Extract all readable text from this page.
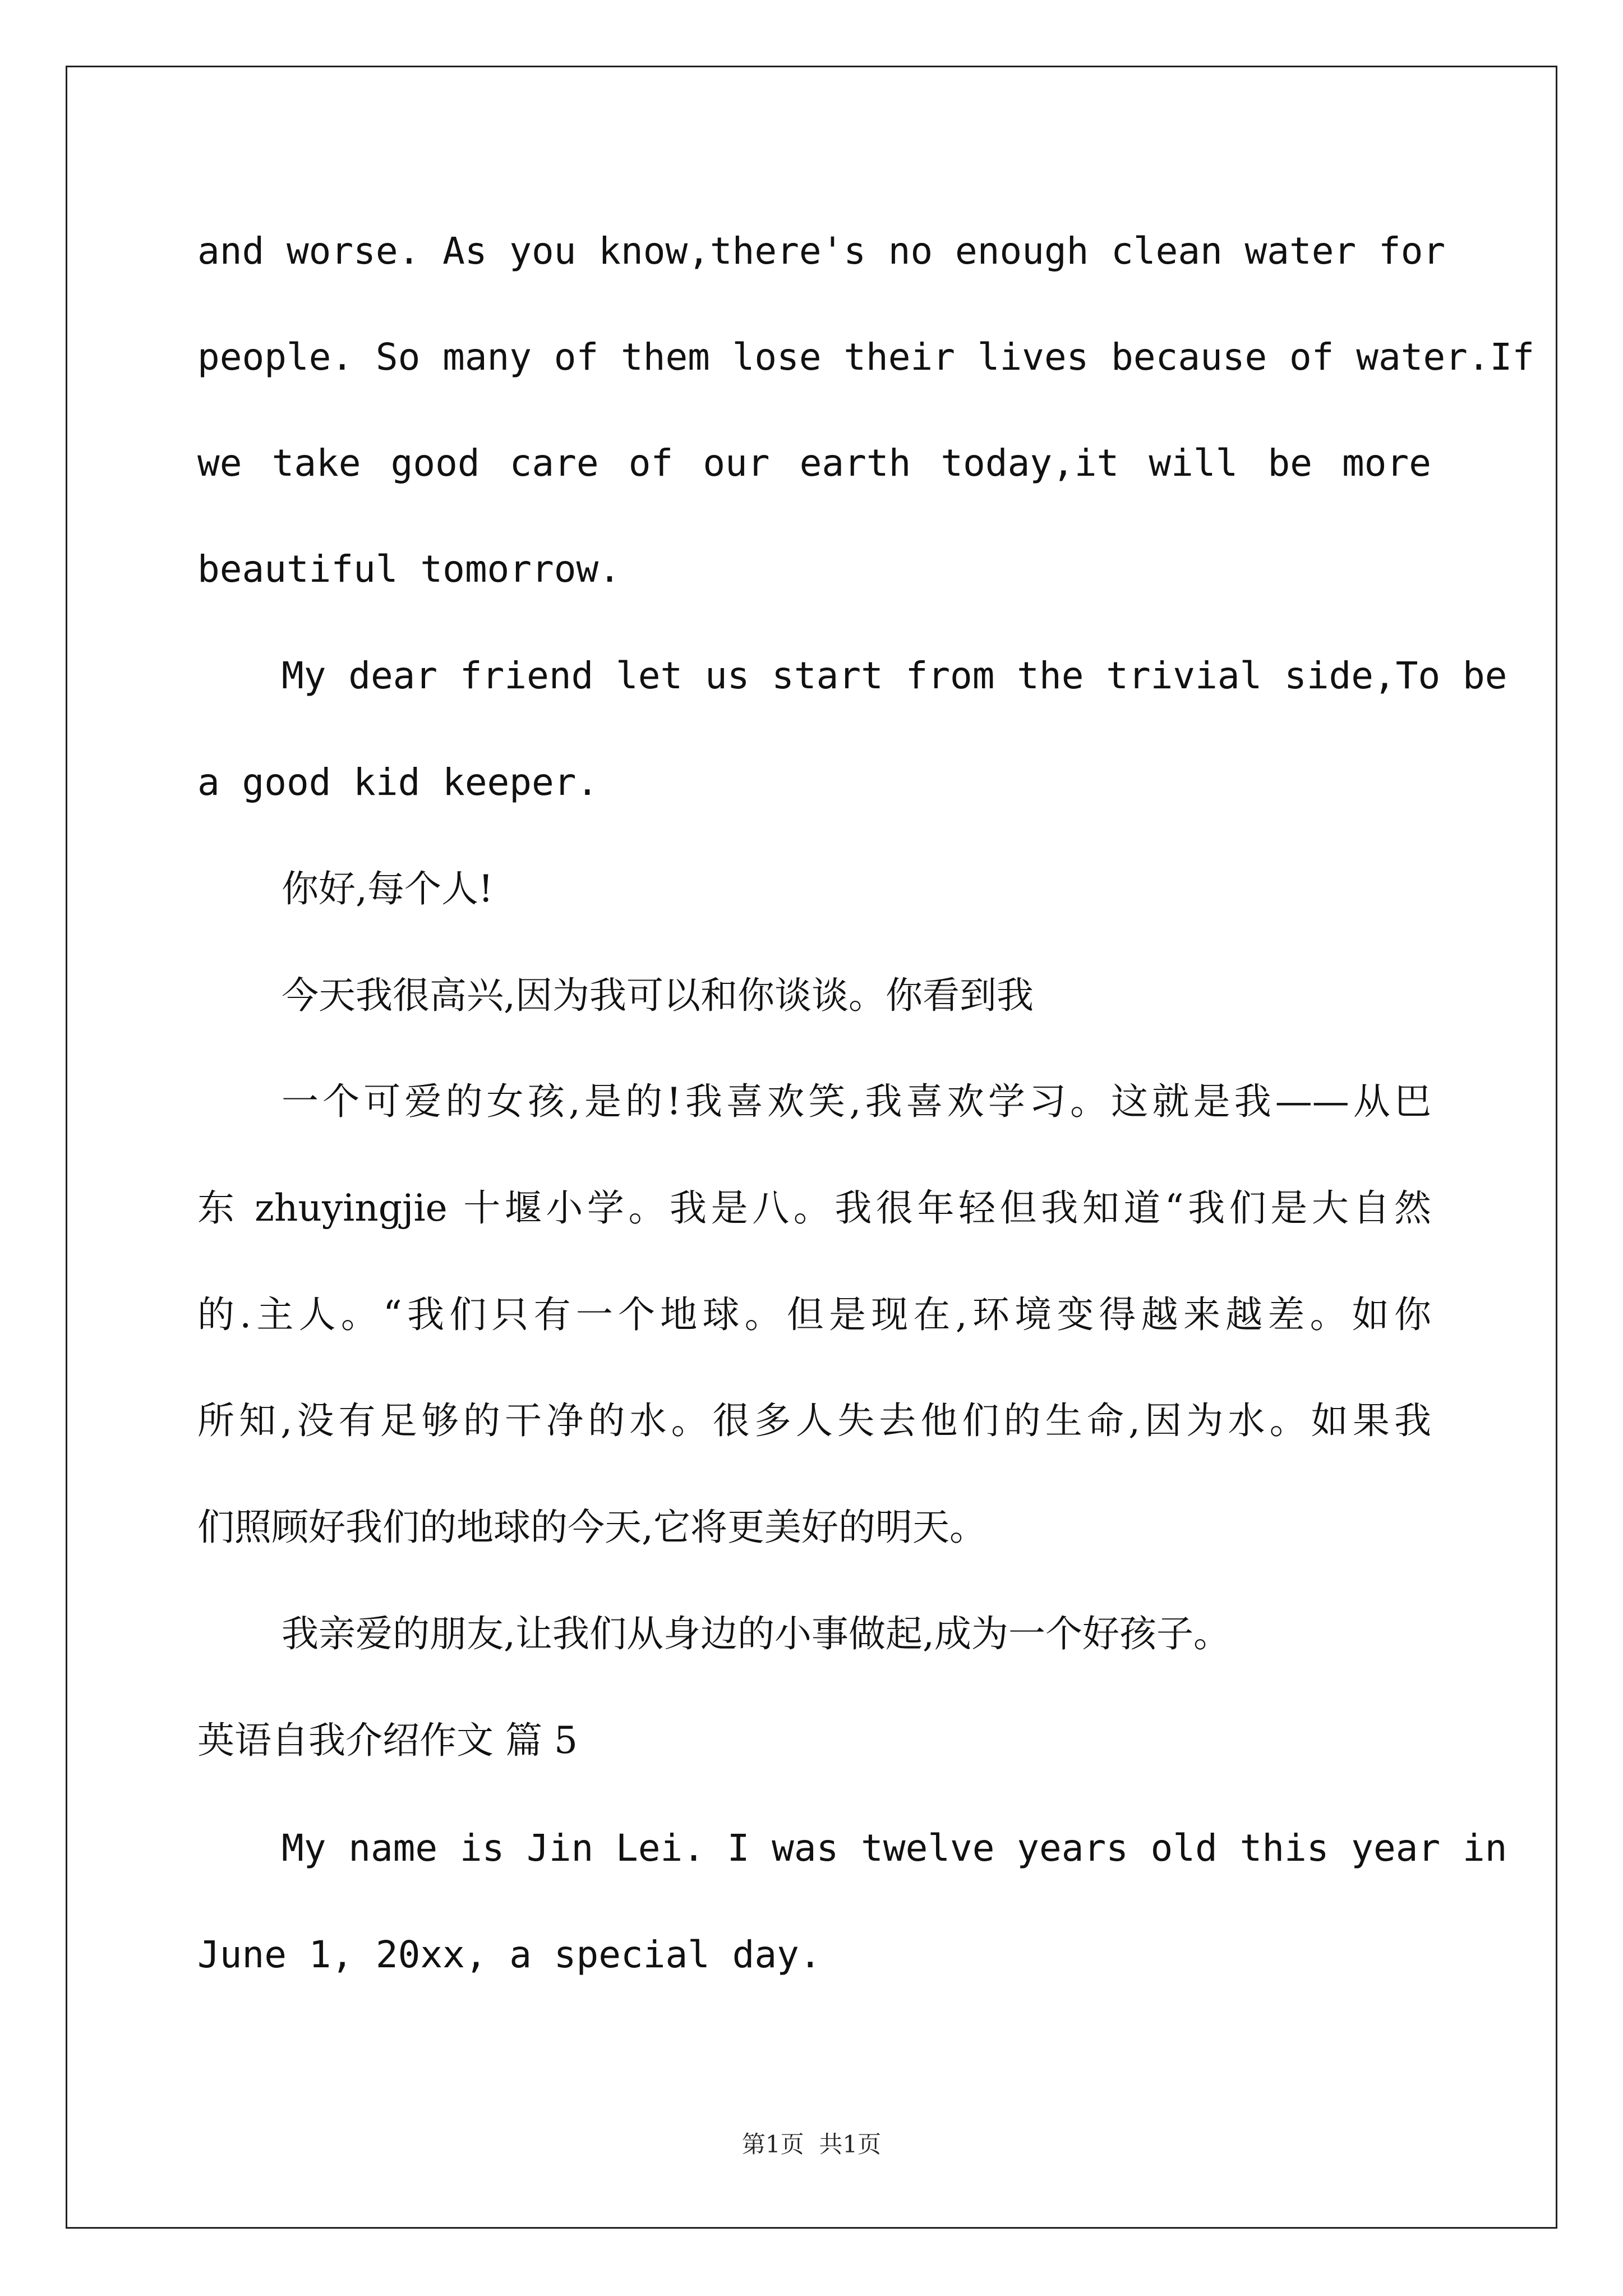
and worse. As you know,there's no enough clean water for
people. So many of them lose their lives because of water.If
we take good care of our earth today,it will be more
beautiful tomorrow.
My dear friend let us start from the trivial side,To be
a good kid keeper.
你好,每个人!
今天我很高兴,因为我可以和你谈谈。你看到我
一个可爱的女孩,是的!我喜欢笑,我喜欢学习。这就是我——从巴
东 zhuyingjie 十堰小学。我是八。我很年轻但我知道“我们是大自然
的.主人。“我们只有一个地球。但是现在,环境变得越来越差。如你
所知,没有足够的干净的水。很多人失去他们的生命,因为水。如果我
们照顾好我们的地球的今天,它将更美好的明天。
我亲爱的朋友,让我们从身边的小事做起,成为一个好孩子。
英语自我介绍作文 篇 5
My name is Jin Lei. I was twelve years old this year in
June 1, 20xx, a special day.
第1页  共1页
